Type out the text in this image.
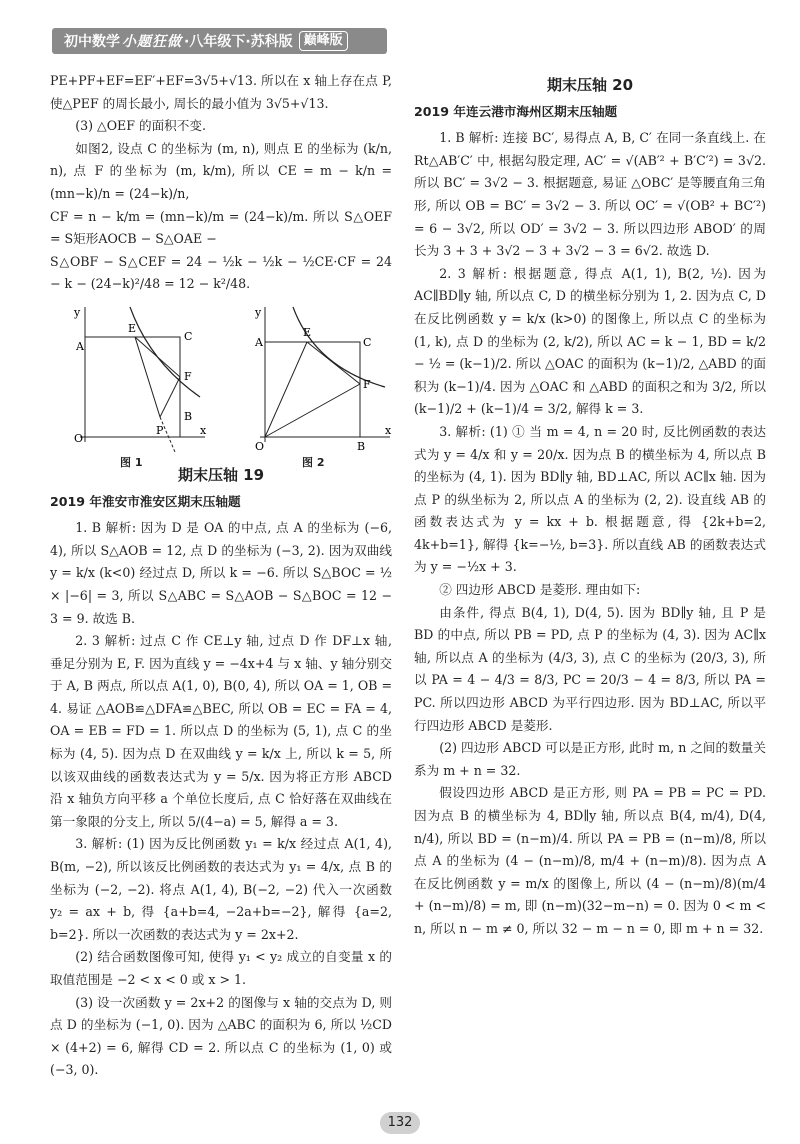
初中数学 小题狂做 ·八年级下·苏科版 巅峰版

PE+PF+EF=EF′+EF=3√5+√13. 所以在 x 轴上存在点 P, 使△PEF 的周长最小, 周长的最小值为 3√5+√13.

(3) △OEF 的面积不变.

如图2, 设点 C 的坐标为 (m, n), 则点 E 的坐标为 (k/n, n), 点 F 的坐标为 (m, k/m), 所以 CE = m − k/n = (mn−k)/n = (24−k)/n,

CF = n − k/m = (mn−k)/m = (24−k)/m. 所以 S△OEF = S矩形AOCB − S△OAE −

S△OBF − S△CEF = 24 − ½k − ½k − ½CE·CF = 24 − k − (24−k)²/48 = 12 − k²/48.

A
C
F
B
E
O
P	x
y
图 1
A	C
F
B
E
O
x
y
图 2
期末压轴 19
2019 年淮安市淮安区期末压轴题

1. B 解析: 因为 D 是 OA 的中点, 点 A 的坐标为 (−6, 4), 所以 S△AOB = 12, 点 D 的坐标为 (−3, 2). 因为双曲线 y = k/x (k<0) 经过点 D, 所以 k = −6. 所以 S△BOC = ½ × |−6| = 3, 所以 S△ABC = S△AOB − S△BOC = 12 − 3 = 9. 故选 B.

2. 3 解析: 过点 C 作 CE⊥y 轴, 过点 D 作 DF⊥x 轴, 垂足分别为 E, F. 因为直线 y = −4x+4 与 x 轴、y 轴分别交于 A, B 两点, 所以点 A(1, 0), B(0, 4), 所以 OA = 1, OB = 4. 易证 △AOB≌△DFA≌△BEC, 所以 OB = EC = FA = 4, OA = EB = FD = 1. 所以点 D 的坐标为 (5, 1), 点 C 的坐标为 (4, 5). 因为点 D 在双曲线 y = k/x 上, 所以 k = 5, 所以该双曲线的函数表达式为 y = 5/x. 因为将正方形 ABCD 沿 x 轴负方向平移 a 个单位长度后, 点 C 恰好落在双曲线在第一象限的分支上, 所以 5/(4−a) = 5, 解得 a = 3.

3. 解析: (1) 因为反比例函数 y₁ = k/x 经过点 A(1, 4), B(m, −2), 所以该反比例函数的表达式为 y₁ = 4/x, 点 B 的坐标为 (−2, −2). 将点 A(1, 4), B(−2, −2) 代入一次函数 y₂ = ax + b, 得 {a+b=4, −2a+b=−2}, 解得 {a=2, b=2}. 所以一次函数的表达式为 y = 2x+2.

(2) 结合函数图像可知, 使得 y₁ < y₂ 成立的自变量 x 的取值范围是 −2 < x < 0 或 x > 1.

(3) 设一次函数 y = 2x+2 的图像与 x 轴的交点为 D, 则点 D 的坐标为 (−1, 0). 因为 △ABC 的面积为 6, 所以 ½CD × (4+2) = 6, 解得 CD = 2. 所以点 C 的坐标为 (1, 0) 或 (−3, 0).

期末压轴 20
2019 年连云港市海州区期末压轴题

1. B 解析: 连接 BC′, 易得点 A, B, C′ 在同一条直线上. 在 Rt△AB′C′ 中, 根据勾股定理, AC′ = √(AB′² + B′C′²) = 3√2. 所以 BC′ = 3√2 − 3. 根据题意, 易证 △OBC′ 是等腰直角三角形, 所以 OB = BC′ = 3√2 − 3. 所以 OC′ = √(OB² + BC′²) = 6 − 3√2, 所以 OD′ = 3√2 − 3. 所以四边形 ABOD′ 的周长为 3 + 3 + 3√2 − 3 + 3√2 − 3 = 6√2. 故选 D.

2. 3 解析: 根据题意, 得点 A(1, 1), B(2, ½). 因为 AC∥BD∥y 轴, 所以点 C, D 的横坐标分别为 1, 2. 因为点 C, D 在反比例函数 y = k/x (k>0) 的图像上, 所以点 C 的坐标为 (1, k), 点 D 的坐标为 (2, k/2), 所以 AC = k − 1, BD = k/2 − ½ = (k−1)/2. 所以 △OAC 的面积为 (k−1)/2, △ABD 的面积为 (k−1)/4. 因为 △OAC 和 △ABD 的面积之和为 3/2, 所以 (k−1)/2 + (k−1)/4 = 3/2, 解得 k = 3.

3. 解析: (1) ① 当 m = 4, n = 20 时, 反比例函数的表达式为 y = 4/x 和 y = 20/x. 因为点 B 的横坐标为 4, 所以点 B 的坐标为 (4, 1). 因为 BD∥y 轴, BD⊥AC, 所以 AC∥x 轴. 因为点 P 的纵坐标为 2, 所以点 A 的坐标为 (2, 2). 设直线 AB 的函数表达式为 y = kx + b. 根据题意, 得 {2k+b=2, 4k+b=1}, 解得 {k=−½, b=3}. 所以直线 AB 的函数表达式为 y = −½x + 3.

② 四边形 ABCD 是菱形. 理由如下:

由条件, 得点 B(4, 1), D(4, 5). 因为 BD∥y 轴, 且 P 是 BD 的中点, 所以 PB = PD, 点 P 的坐标为 (4, 3). 因为 AC∥x 轴, 所以点 A 的坐标为 (4/3, 3), 点 C 的坐标为 (20/3, 3), 所以 PA = 4 − 4/3 = 8/3, PC = 20/3 − 4 = 8/3, 所以 PA = PC. 所以四边形 ABCD 为平行四边形. 因为 BD⊥AC, 所以平行四边形 ABCD 是菱形.

(2) 四边形 ABCD 可以是正方形, 此时 m, n 之间的数量关系为 m + n = 32.

假设四边形 ABCD 是正方形, 则 PA = PB = PC = PD. 因为点 B 的横坐标为 4, BD∥y 轴, 所以点 B(4, m/4), D(4, n/4), 所以 BD = (n−m)/4. 所以 PA = PB = (n−m)/8, 所以点 A 的坐标为 (4 − (n−m)/8, m/4 + (n−m)/8). 因为点 A 在反比例函数 y = m/x 的图像上, 所以 (4 − (n−m)/8)(m/4 + (n−m)/8) = m, 即 (n−m)(32−m−n) = 0. 因为 0 < m < n, 所以 n − m ≠ 0, 所以 32 − m − n = 0, 即 m + n = 32.

132
